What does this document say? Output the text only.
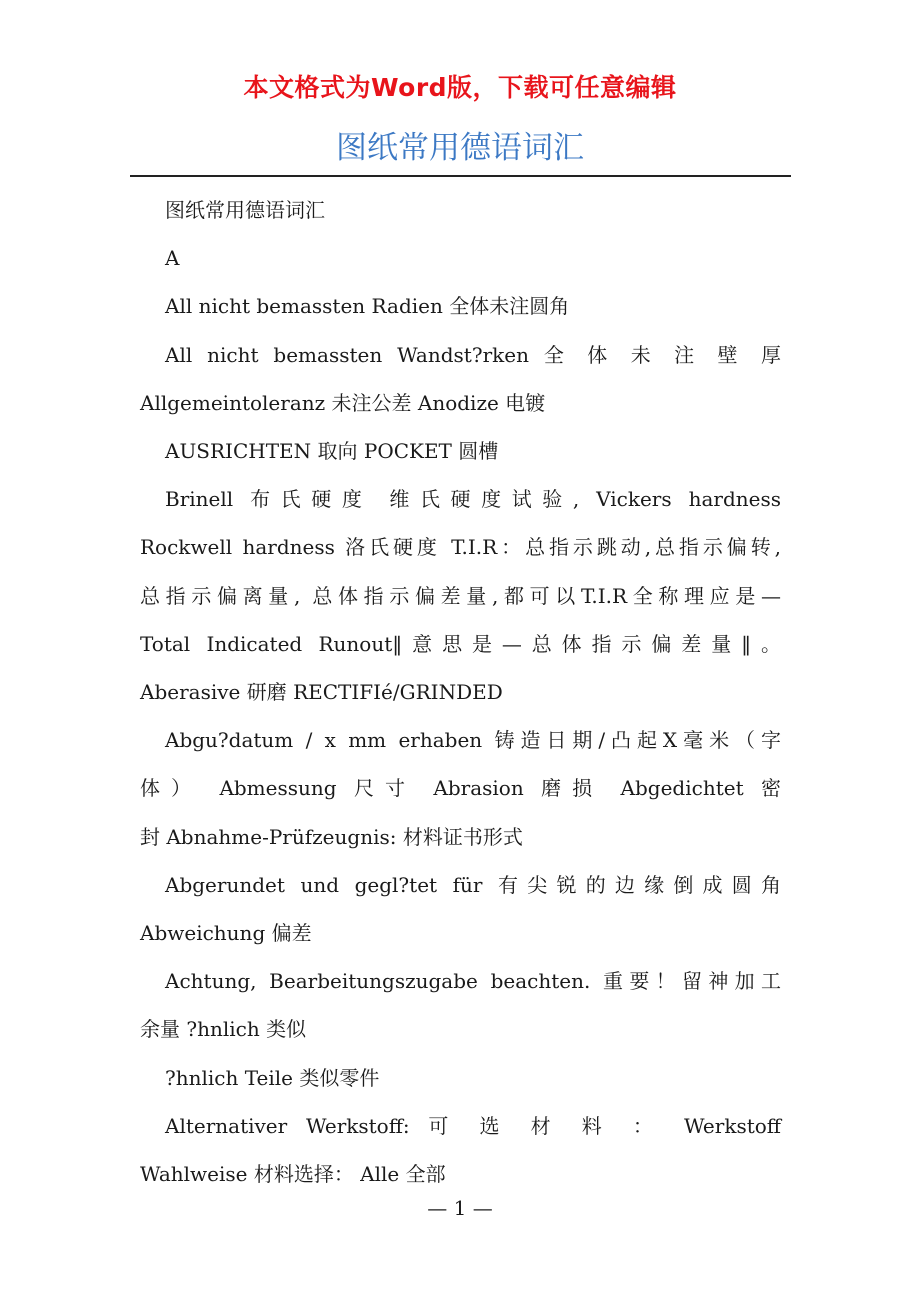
本文格式为Word版，下载可任意编辑
图纸常用德语词汇

图纸常用德语词汇

A

All nicht bemassten Radien 全体未注圆角

All nicht bemassten Wandst?rken 全 体 未 注 壁 厚

Allgemeintoleranz 未注公差 Anodize 电镀

AUSRICHTEN 取向 POCKET 圆槽

Brinell 布氏硬度 维氏硬度试验, Vickers hardness

Rockwell hardness 洛氏硬度 T.I.R：总指示跳动,总指示偏转,

总指示偏离量, 总体指示偏差量,都可以T.I.R全称理应是—

Total Indicated Runout‖意思是—总体指示偏差量‖。

Aberasive 研磨 RECTIFIé/GRINDED

Abgu?datum / x mm erhaben 铸造日期/凸起X毫米（字

体） Abmessung 尺寸 Abrasion 磨损 Abgedichtet 密

封 Abnahme-Prüfzeugnis: 材料证书形式

Abgerundet und gegl?tet für 有尖锐的边缘倒成圆角

Abweichung 偏差

Achtung, Bearbeitungszugabe beachten. 重要！留神加工

余量 ?hnlich 类似

?hnlich Teile 类似零件

Alternativer Werkstoff: 可 选 材 料 ： Werkstoff

Wahlweise 材料选择： Alle 全部

— 1 —
